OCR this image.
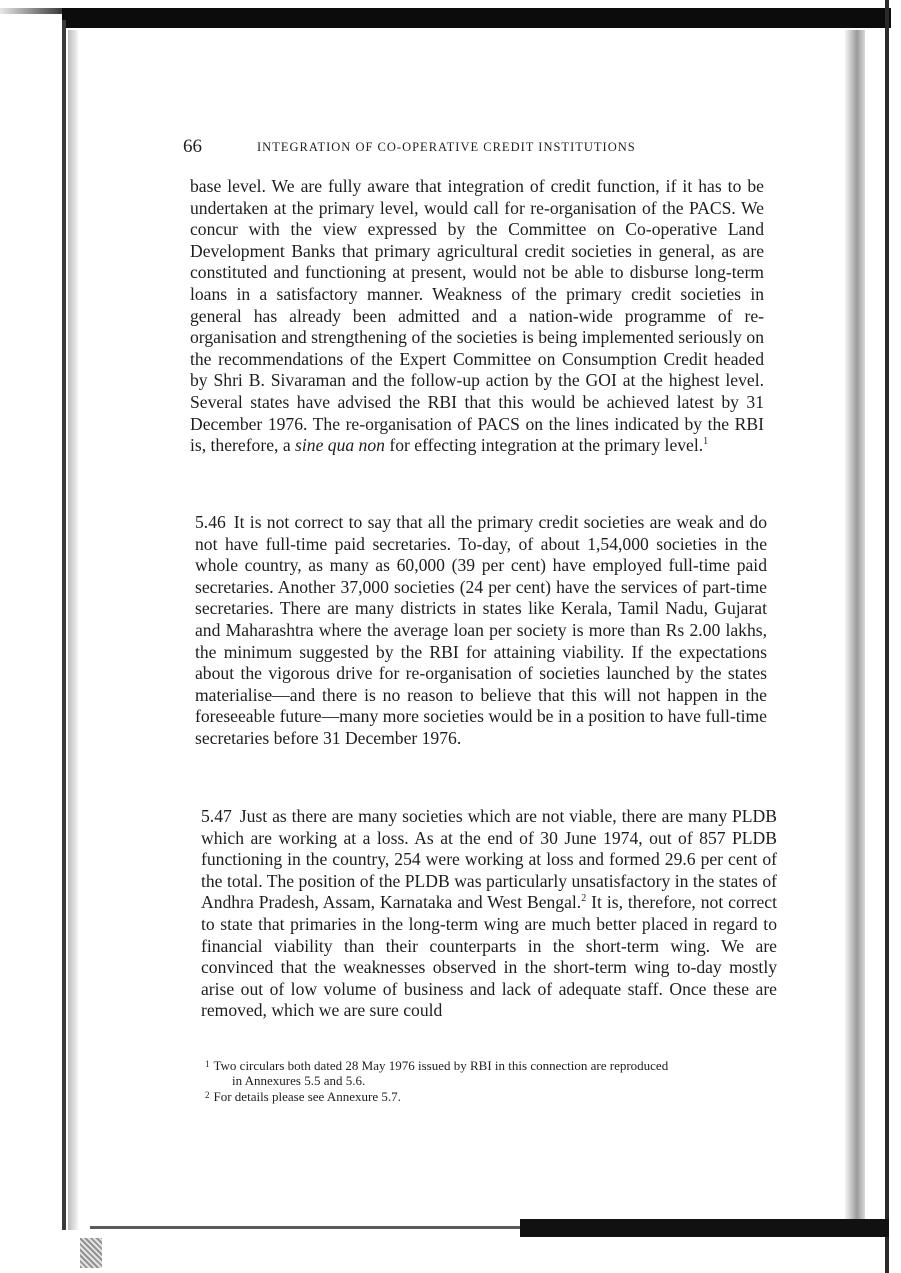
66	INTEGRATION OF CO-OPERATIVE CREDIT INSTITUTIONS

base level. We are fully aware that integration of credit function, if it has to be undertaken at the primary level, would call for re-organisation of the PACS. We concur with the view expressed by the Committee on Co-operative Land Development Banks that primary agricultural credit societies in general, as are constituted and functioning at present, would not be able to disburse long-term loans in a satisfactory manner. Weakness of the primary credit societies in general has already been admitted and a nation-wide programme of re-organisation and strengthening of the societies is being implemented seriously on the recommendations of the Expert Committee on Consumption Credit headed by Shri B. Sivaraman and the follow-up action by the GOI at the highest level. Several states have advised the RBI that this would be achieved latest by 31 December 1976. The re-organisation of PACS on the lines indicated by the RBI is, therefore, a sine qua non for effecting integration at the primary level.$^1$

5.46 It is not correct to say that all the primary credit societies are weak and do not have full-time paid secretaries. To-day, of about 1,54,000 societies in the whole country, as many as 60,000 (39 per cent) have employed full-time paid secretaries. Another 37,000 societies (24 per cent) have the services of part-time secretaries. There are many districts in states like Kerala, Tamil Nadu, Gujarat and Maharashtra where the average loan per society is more than Rs 2.00 lakhs, the minimum suggested by the RBI for attaining viability. If the expectations about the vigorous drive for re-organisation of societies launched by the states materialise—and there is no reason to believe that this will not happen in the foreseeable future—many more societies would be in a position to have full-time secretaries before 31 December 1976.

5.47 Just as there are many societies which are not viable, there are many PLDB which are working at a loss. As at the end of 30 June 1974, out of 857 PLDB functioning in the country, 254 were working at loss and formed 29.6 per cent of the total. The position of the PLDB was particularly unsatisfactory in the states of Andhra Pradesh, Assam, Karnataka and West Bengal.$^2$ It is, therefore, not correct to state that primaries in the long-term wing are much better placed in regard to financial viability than their counterparts in the short-term wing. We are convinced that the weaknesses observed in the short-term wing to-day mostly arise out of low volume of business and lack of adequate staff. Once these are removed, which we are sure could

$^1$ Two circulars both dated 28 May 1976 issued by RBI in this connection are reproduced

in Annexures 5.5 and 5.6.

$^2$ For details please see Annexure 5.7.
